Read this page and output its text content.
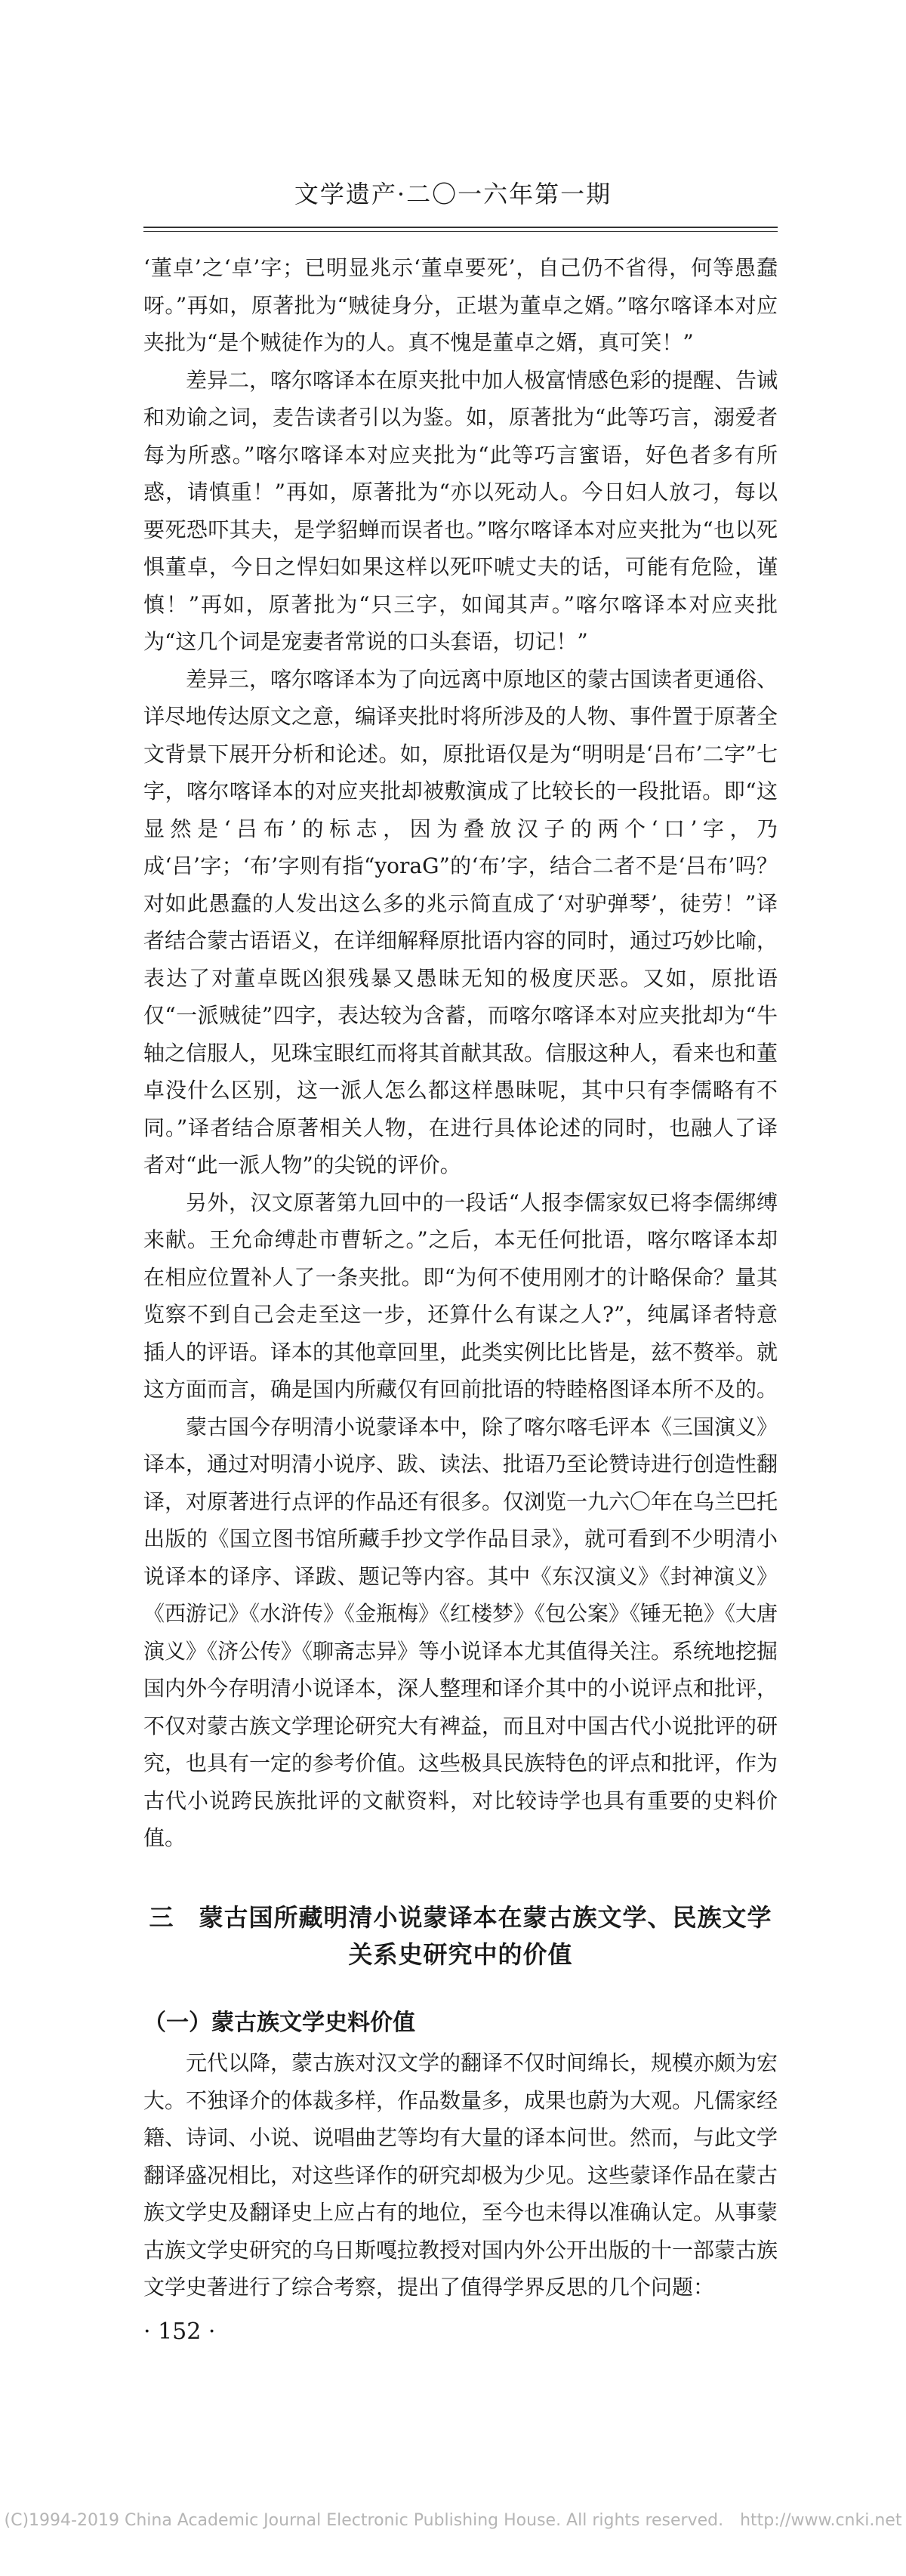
文学遗产·二〇一六年第一期

‘董卓’之‘卓’字；已明显兆示‘董卓要死’，自己仍不省得，何等愚蠢呀。”再如，原著批为“贼徒身分，正堪为董卓之婿。”喀尔喀译本对应夹批为“是个贼徒作为的人。真不愧是董卓之婿，真可笑！”

差异二，喀尔喀译本在原夹批中加人极富情感色彩的提醒、告诫和劝谕之词，麦告读者引以为鉴。如，原著批为“此等巧言，溺爱者每为所惑。”喀尔喀译本对应夹批为“此等巧言蜜语，好色者多有所惑，请慎重！”再如，原著批为“亦以死动人。今日妇人放刁，每以要死恐吓其夫，是学貂蝉而误者也。”喀尔喀译本对应夹批为“也以死惧董卓，今日之悍妇如果这样以死吓唬丈夫的话，可能有危险，谨慎！”再如，原著批为“只三字，如闻其声。”喀尔喀译本对应夹批为“这几个词是宠妻者常说的口头套语，切记！”

差异三，喀尔喀译本为了向远离中原地区的蒙古国读者更通俗、详尽地传达原文之意，编译夹批时将所涉及的人物、事件置于原著全文背景下展开分析和论述。如，原批语仅是为“明明是‘吕布’二字”七字，喀尔喀译本的对应夹批却被敷演成了比较长的一段批语。即“这显然是‘吕布’的标志，因为叠放汉子的两个‘口’字，乃成‘吕’字；‘布’字则有指“yoraG”的‘布’字，结合二者不是‘吕布’吗？对如此愚蠢的人发出这么多的兆示简直成了‘对驴弹琴’，徒劳！”译者结合蒙古语语义，在详细解释原批语内容的同时，通过巧妙比喻，表达了对董卓既凶狠残暴又愚昧无知的极度厌恶。又如，原批语仅“一派贼徒”四字，表达较为含蓄，而喀尔喀译本对应夹批却为“牛轴之信服人，见珠宝眼红而将其首献其敌。信服这种人，看来也和董卓没什么区别，这一派人怎么都这样愚昧呢，其中只有李儒略有不同。”译者结合原著相关人物，在进行具体论述的同时，也融人了译者对“此一派人物”的尖锐的评价。

另外，汉文原著第九回中的一段话“人报李儒家奴已将李儒绑缚来献。王允命缚赴市曹斩之。”之后，本无任何批语，喀尔喀译本却在相应位置补人了一条夹批。即“为何不使用刚才的计略保命？量其览察不到自己会走至这一步，还算什么有谋之人?”，纯属译者特意插人的评语。译本的其他章回里，此类实例比比皆是，兹不赘举。就这方面而言，确是国内所藏仅有回前批语的特睦格图译本所不及的。

蒙古国今存明清小说蒙译本中，除了喀尔喀毛评本《三国演义》译本，通过对明清小说序、跋、读法、批语乃至论赞诗进行创造性翻译，对原著进行点评的作品还有很多。仅浏览一九六〇年在乌兰巴托出版的《国立图书馆所藏手抄文学作品目录》，就可看到不少明清小说译本的译序、译跋、题记等内容。其中《东汉演义》《封神演义》《西游记》《水浒传》《金瓶梅》《红楼梦》《包公案》《锤无艳》《大唐演义》《济公传》《聊斋志异》等小说译本尤其值得关注。系统地挖掘国内外今存明清小说译本，深人整理和译介其中的小说评点和批评，不仅对蒙古族文学理论研究大有裨益，而且对中国古代小说批评的研究，也具有一定的参考价值。这些极具民族特色的评点和批评，作为古代小说跨民族批评的文献资料，对比较诗学也具有重要的史料价值。

三　蒙古国所藏明清小说蒙译本在蒙古族文学、民族文学关系史研究中的价值
（一）蒙古族文学史料价值

元代以降，蒙古族对汉文学的翻译不仅时间绵长，规模亦颇为宏大。不独译介的体裁多样，作品数量多，成果也蔚为大观。凡儒家经籍、诗词、小说、说唱曲艺等均有大量的译本问世。然而，与此文学翻译盛况相比，对这些译作的研究却极为少见。这些蒙译作品在蒙古族文学史及翻译史上应占有的地位，至今也未得以准确认定。从事蒙古族文学史研究的乌日斯嘎拉教授对国内外公开出版的十一部蒙古族文学史著进行了综合考察，提出了值得学界反思的几个问题：

· 152 ·
(C)1994-2019 China Academic Journal Electronic Publishing House. All rights reserved.　http://www.cnki.net
